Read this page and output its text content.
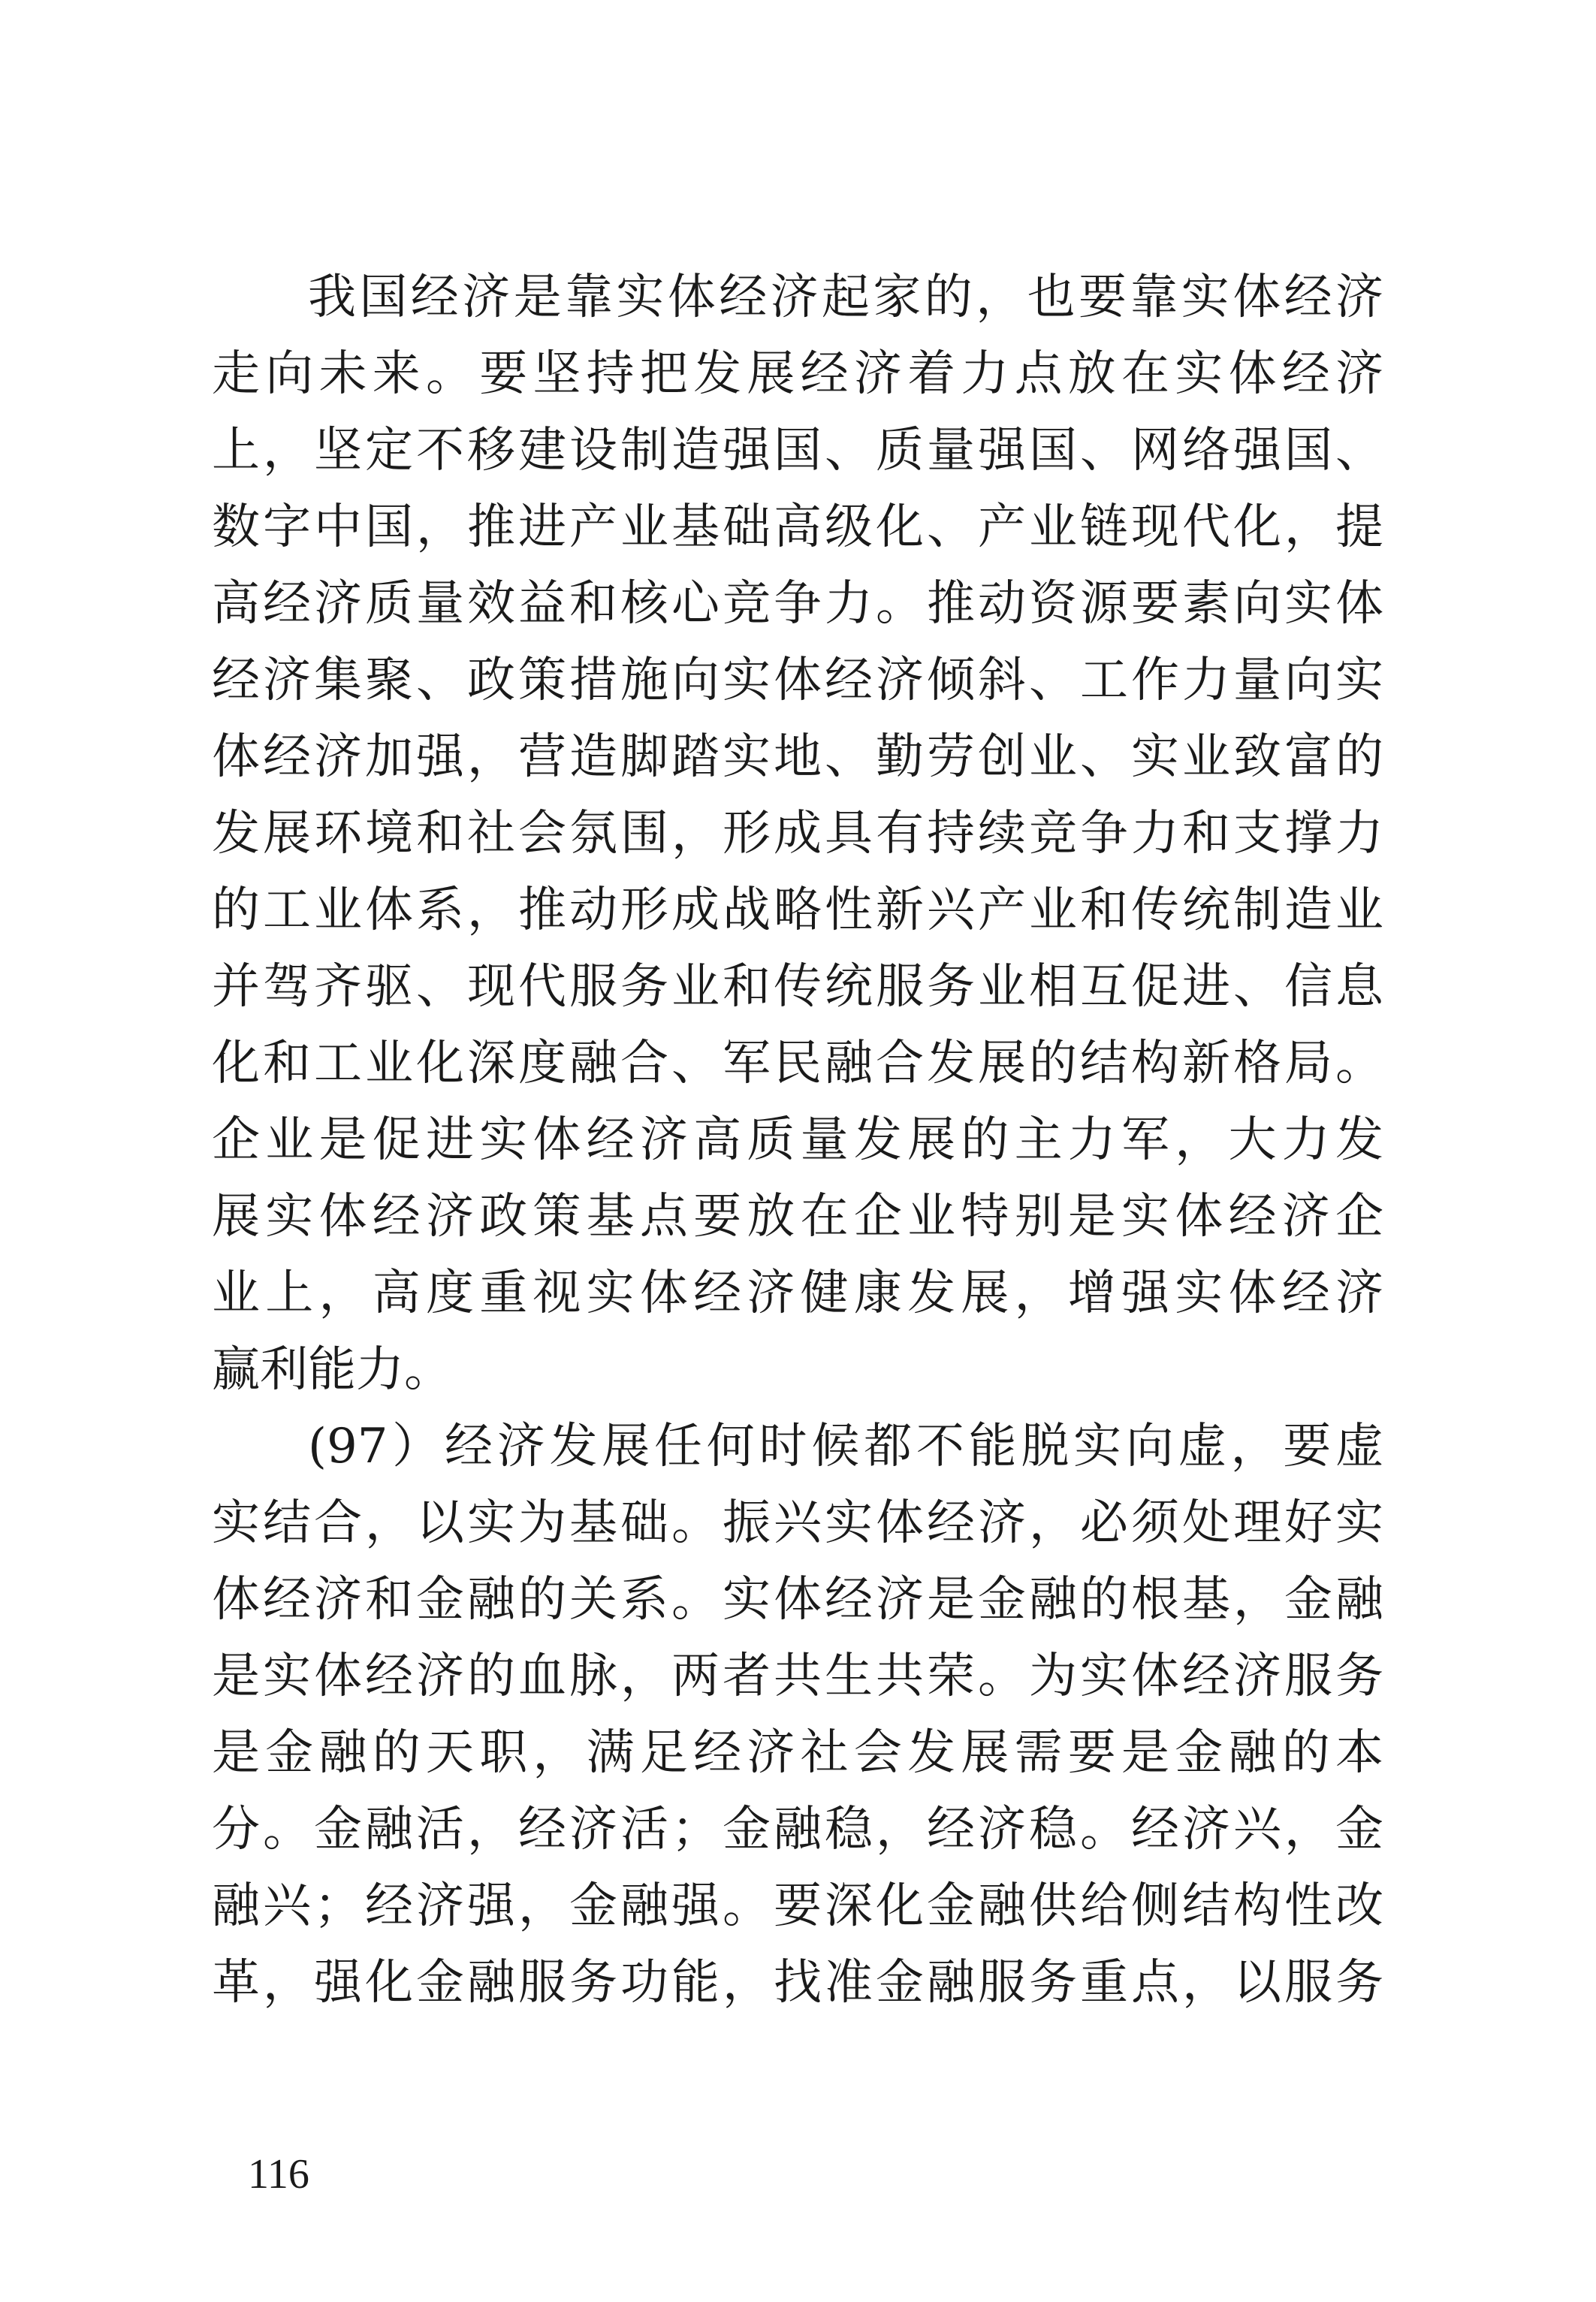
我国经济是靠实体经济起家的，也要靠实体经济
走向未来。要坚持把发展经济着力点放在实体经济
上，坚定不移建设制造强国、质量强国、网络强国、
数字中国，推进产业基础高级化、产业链现代化，提
高经济质量效益和核心竞争力。推动资源要素向实体
经济集聚、政策措施向实体经济倾斜、工作力量向实
体经济加强，营造脚踏实地、勤劳创业、实业致富的
发展环境和社会氛围，形成具有持续竞争力和支撑力
的工业体系，推动形成战略性新兴产业和传统制造业
并驾齐驱、现代服务业和传统服务业相互促进、信息
化和工业化深度融合、军民融合发展的结构新格局。
企业是促进实体经济高质量发展的主力军，大力发
展实体经济政策基点要放在企业特别是实体经济企
业上，高度重视实体经济健康发展，增强实体经济
赢利能力。
(97）经济发展任何时候都不能脱实向虚，要虚
实结合，以实为基础。振兴实体经济，必须处理好实
体经济和金融的关系。实体经济是金融的根基，金融
是实体经济的血脉，两者共生共荣。为实体经济服务
是金融的天职，满足经济社会发展需要是金融的本
分。金融活，经济活；金融稳，经济稳。经济兴，金
融兴；经济强，金融强。要深化金融供给侧结构性改
革，强化金融服务功能，找准金融服务重点，以服务
116
